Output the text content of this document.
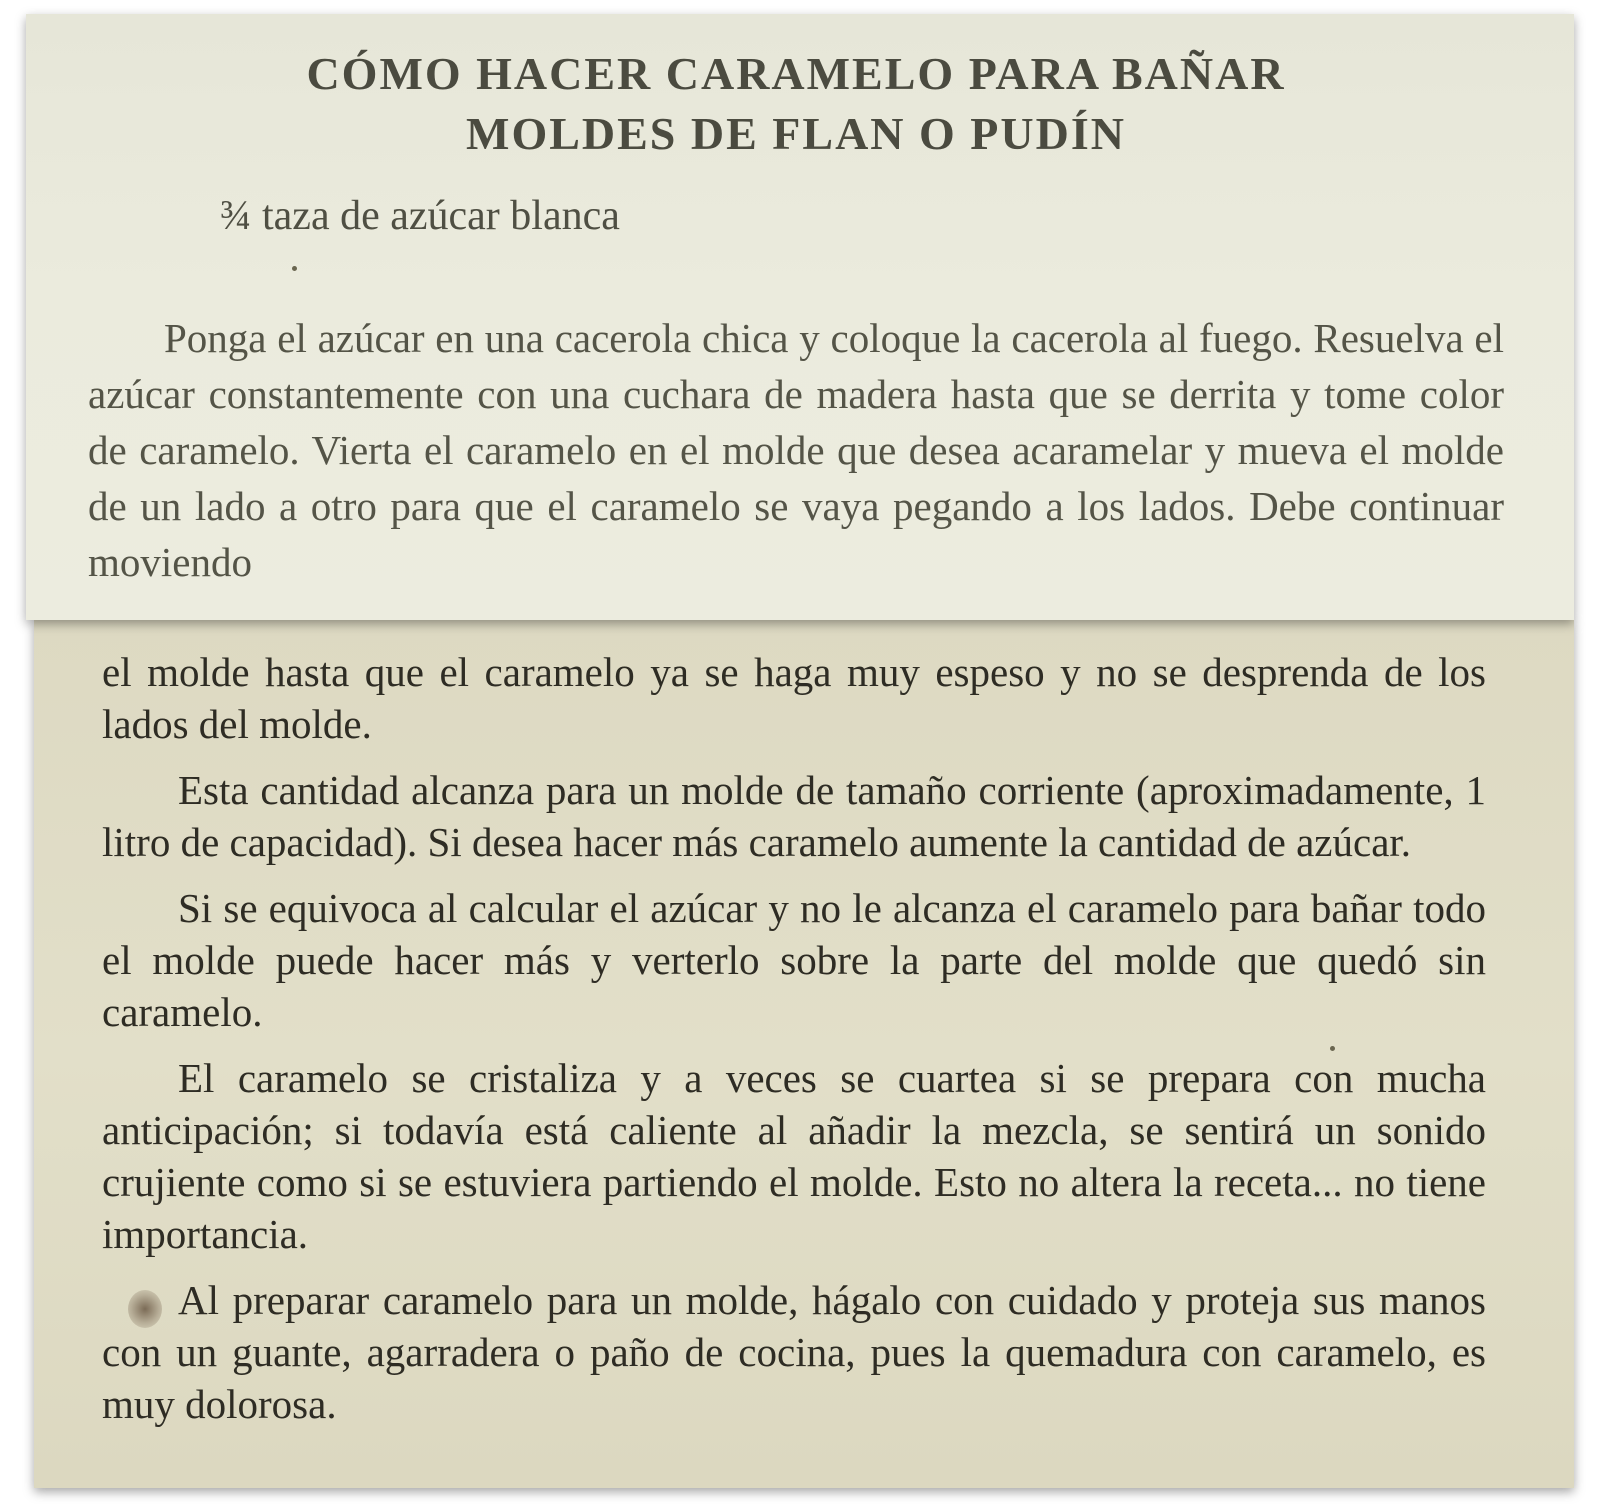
CÓMO HACER CARAMELO PARA BAÑAR
MOLDES DE FLAN O PUDÍN
¾ taza de azúcar blanca

Ponga el azúcar en una cacerola chica y coloque la cacerola al fuego. Resuelva el azúcar constantemente con una cuchara de madera hasta que se derrita y tome color de caramelo. Vierta el caramelo en el molde que desea acaramelar y mueva el molde de un lado a otro para que el caramelo se vaya pegando a los lados. Debe continuar moviendo

el molde hasta que el caramelo ya se haga muy espeso y no se desprenda de los lados del molde.

Esta cantidad alcanza para un molde de tamaño corriente (aproximadamente, 1 litro de capacidad). Si desea hacer más caramelo aumente la cantidad de azúcar.

Si se equivoca al calcular el azúcar y no le alcanza el caramelo para bañar todo el molde puede hacer más y verterlo sobre la parte del molde que quedó sin caramelo.

El caramelo se cristaliza y a veces se cuartea si se prepara con mucha anticipación; si todavía está caliente al añadir la mezcla, se sentirá un sonido crujiente como si se estuviera partiendo el molde. Esto no altera la receta... no tiene importancia.

Al preparar caramelo para un molde, hágalo con cuidado y proteja sus manos con un guante, agarradera o paño de cocina, pues la quemadura con caramelo, es muy dolorosa.
